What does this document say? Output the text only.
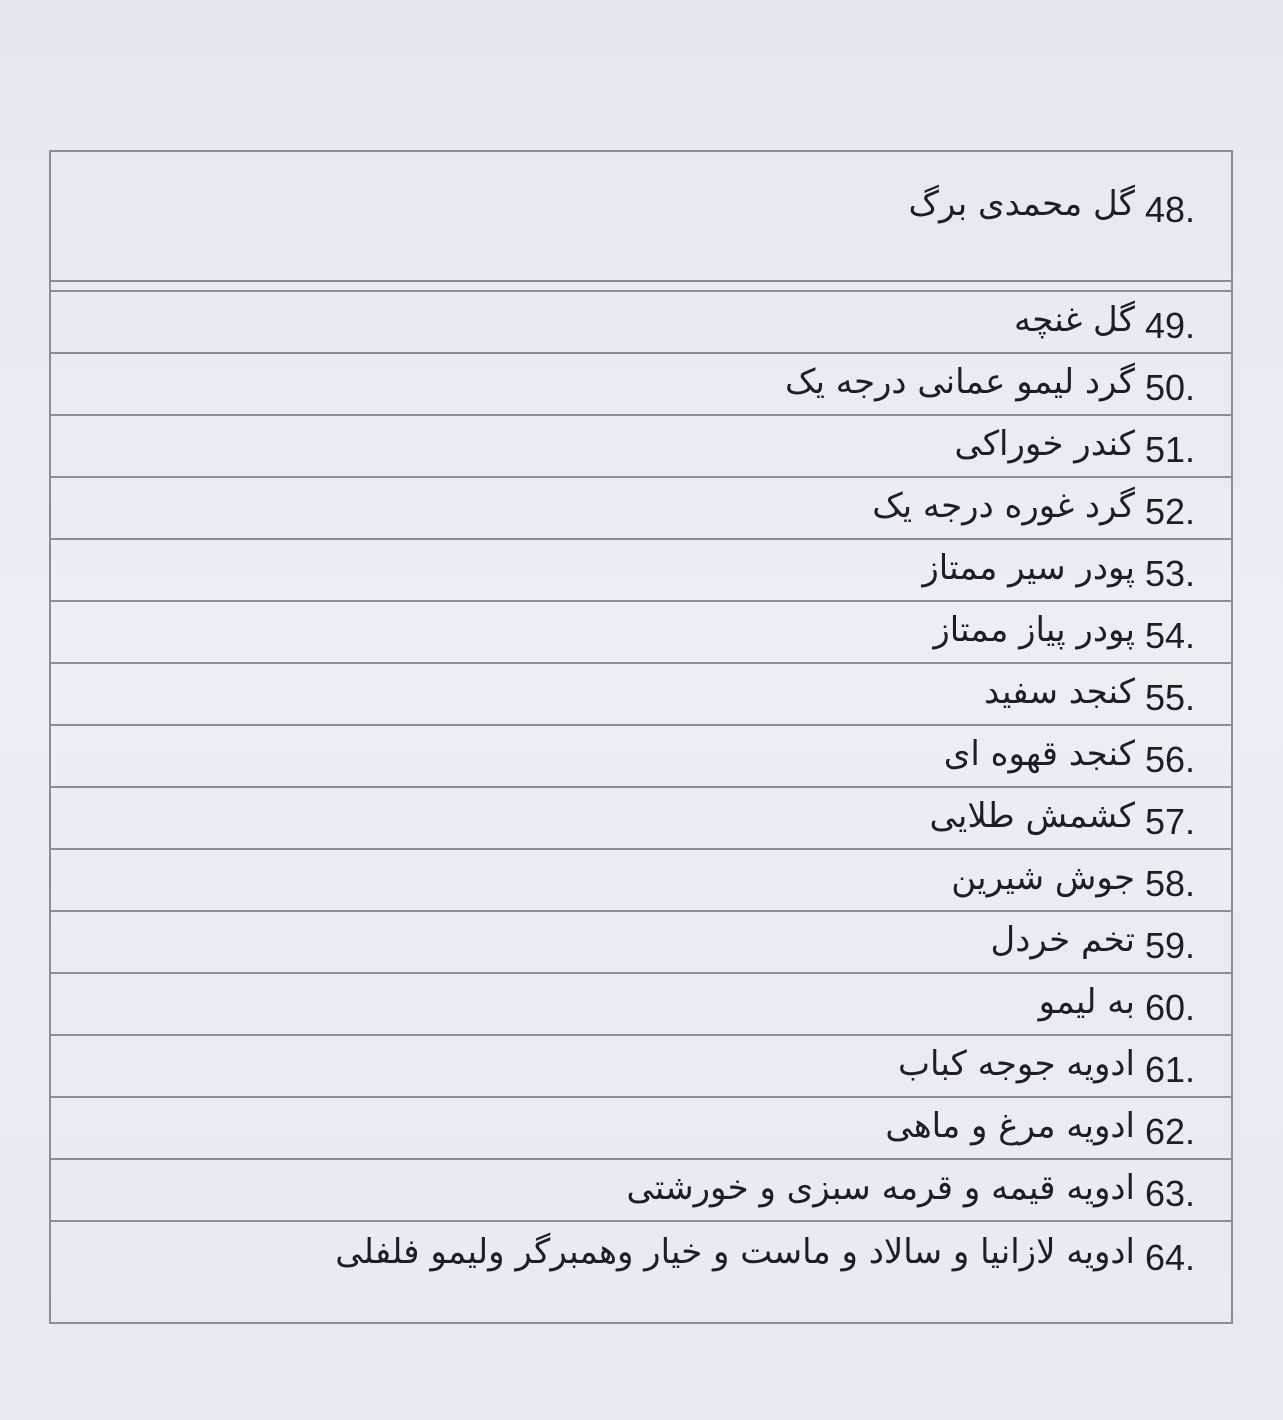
48.
گل محمدی برگ
49.
گل غنچه
50.
گرد لیمو عمانی درجه یک
51.
کندر خوراکی
52.
گرد غوره درجه یک
53.
پودر سیر ممتاز
54.
پودر پیاز ممتاز
55.
کنجد سفید
56.
کنجد قهوه ای
57.
کشمش طلایی
58.
جوش شیرین
59.
تخم خردل
60.
به لیمو
61.
ادویه جوجه کباب
62.
ادویه مرغ و ماهی
63.
ادویه قیمه و قرمه سبزی و خورشتی
64.
ادویه لازانیا و سالاد و ماست و خیار وهمبرگر ولیمو فلفلی
